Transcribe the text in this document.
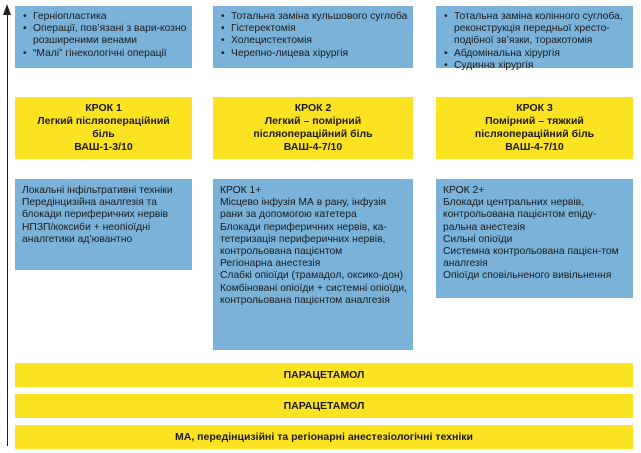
• Герніопластика
• Операції, пов’язані з вари-козно розширеними венами
• “Малі” гінекологічні операції
• Тотальна заміна кульшового суглоба
• Гістеректомія
• Холецистектомія
• Черепно-лицева хірургія
• Тотальна заміна колінного суглоба, реконструкція передньої хресто-подібної зв’язки, торакотомія
• Абдомінальна хірургія
• Судинна хірургія
КРОК 1
Легкий післяопераційний
біль
ВАШ-1-3/10
КРОК 2
Легкий – помірний
післяопераційний біль
ВАШ-4-7/10
КРОК 3
Помірний – тяжкий
післяопераційний біль
ВАШ-4-7/10
Локальні інфільтративні техніки
Передінцизійна аналгезія та блокади периферичних нервів
НПЗП/коксиби + неопіоїдні аналгетики ад’ювантно
КРОК 1+
Місцево інфузія МА в рану, інфузія рани за допомогою катетера
Блокади периферичних нервів, ка-тетеризація периферичних нервів, контрольована пацієнтом
Регіонарна анестезія
Слабкі опіоїди (трамадол, оксико-дон)
Комбіновані опіоїди + системні опіоїди, контрольована пацієнтом аналгезія
КРОК 2+
Блокади центральних нервів, контрольована пацієнтом епіду-ральна анестезія
Сильні опіоїди
Системна контрольована пацієн-том аналгезія
Опіоїди сповільненого вивільнення
ПАРАЦЕТАМОЛ
ПАРАЦЕТАМОЛ
МА, передінцизійні та регіонарні анестезіологічні техніки
